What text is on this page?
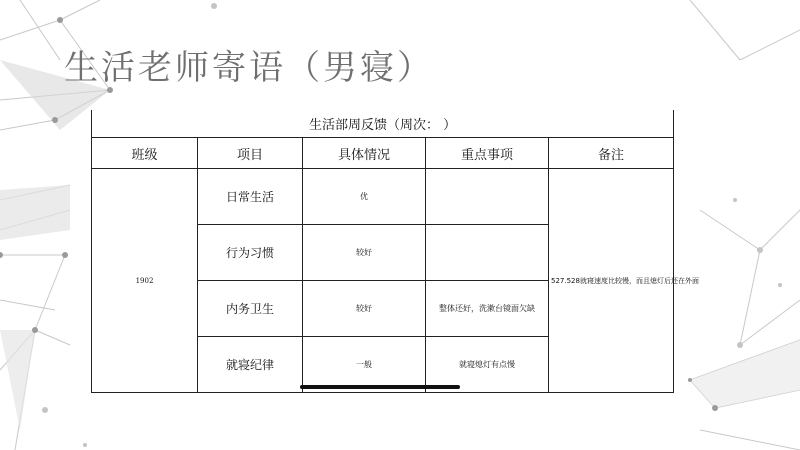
生活老师寄语（男寝）
生活部周反馈（周次： ）				
班级	项目	具体情况	重点事项	备注
1902	日常生活	优		527.528就寝速度比较慢，而且熄灯后还在外面
	行为习惯	较好		
	内务卫生	较好	整体还好，洗漱台镜面欠缺	
	就寝纪律	一般	就寝熄灯有点慢	
